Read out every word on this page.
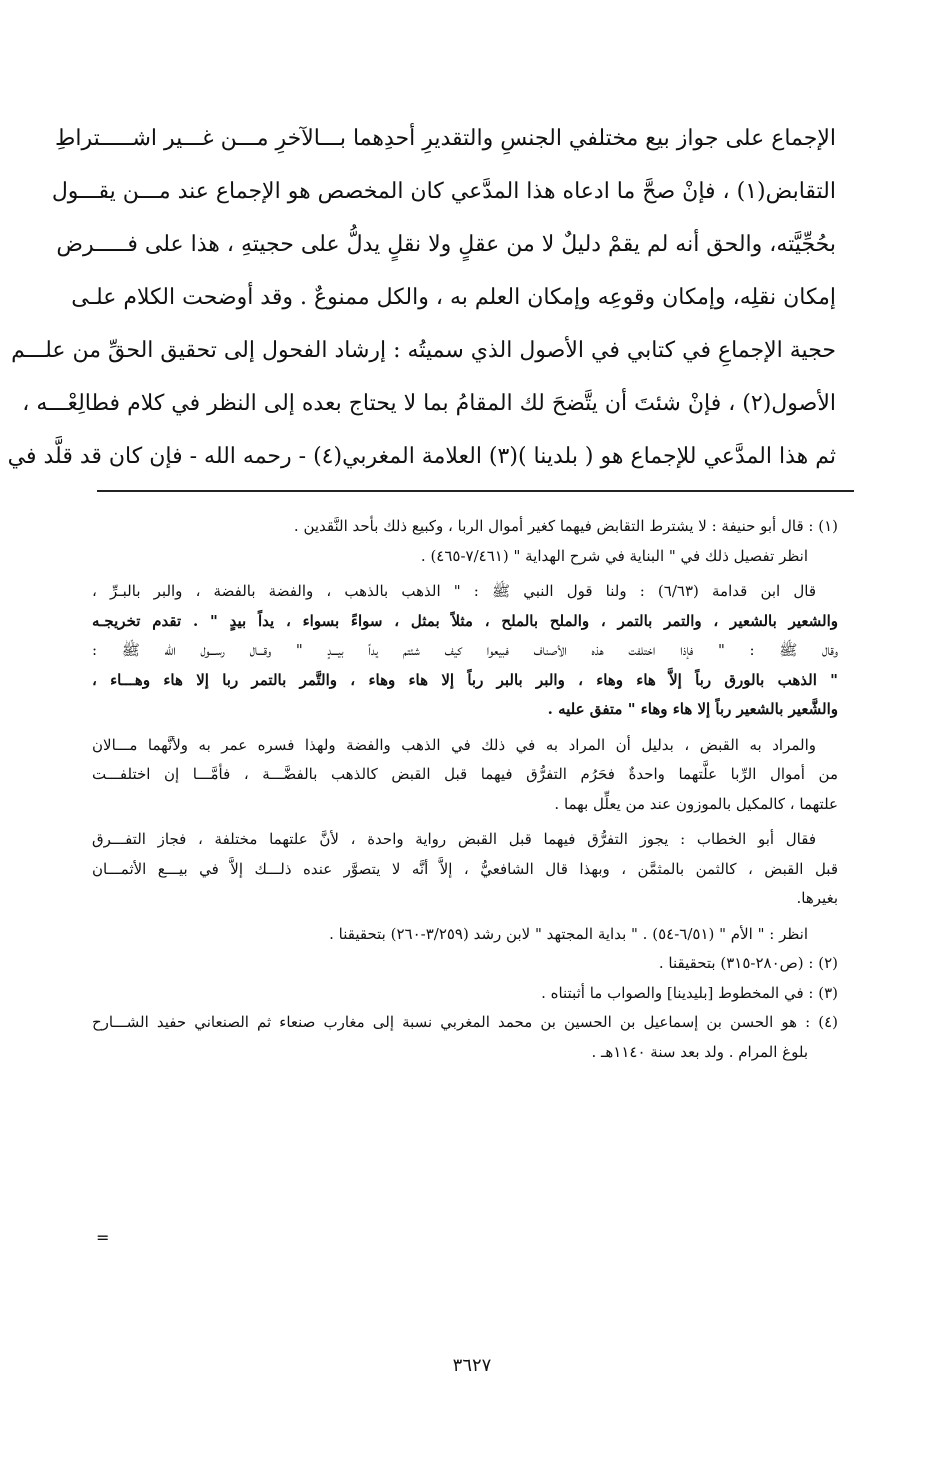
الإجماع على جواز بيع مختلفي الجنسِ والتقديرِ أحدِهما بـــالآخرِ مـــن غـــير اشـــــتراطِ
التقابض(١) ، فإنْ صحَّ ما ادعاه هذا المدَّعي كان المخصص هو الإجماع عند مـــن يقـــول
بحُجِّيَّته، والحق أنه لم يقمْ دليلٌ لا من عقلٍ ولا نقلٍ يدلُّ على حجيتهِ ، هذا على فـــــرض
إمكان نقلِه، وإمكان وقوعِه وإمكان العلم به ، والكل ممنوعٌ . وقد أوضحت الكلام علـى
حجية الإجماعِ في كتابي في الأصول الذي سميتُه : إرشاد الفحول إلى تحقيق الحقِّ من علـــم
الأصول(٢) ، فإنْ شئتَ أن يتَّضحَ لك المقامُ بما لا يحتاج بعده إلى النظر في كلام فطالِعْـــه ،
ثم هذا المدَّعي للإجماع هو ( بلدينا )(٣) العلامة المغربي(٤) - رحمه الله - فإن كان قد قلَّد في
(١) : قال أبو حنيفة : لا يشترط التقابض فيهما كغير أموال الربا ، وكبيع ذلك بأحد النَّقدين .
انظر تفصيل ذلك في " البناية في شرح الهداية " (٧/٤٦١-٤٦٥) .
قال ابن قدامة (٦/٦٣) : ولنا قول النبي ﷺ : " الذهب بالذهب ، والفضة بالفضة ، والبر بالبـرِّ ،
والشعير بالشعير ، والتمر بالتمر ، والملح بالملح ، مثلاً بمثل ، سواءً بسواء ، يداً بيدٍ " . تقدم تخريجـه
وقال ﷺ : " فإذا اختلفت هذه الأصناف فبيعوا كيف شئتم يداً بيـــدٍ " وقـــال رســـول الله ﷺ :
" الذهب بالورق رباً إلاَّ هاء وهاء ، والبر بالبر رباً إلا هاء وهاء ، والتَّمر بالتمر ربا إلا هاء وهـــاء ،
والشَّعير بالشعير رباً إلا هاء وهاء " متفق عليه .
والمراد به القبض ، بدليل أن المراد به في ذلك في الذهب والفضة ولهذا فسره عمر به ولأنَّهما مـــالان
من أموال الرِّبا علَّتهما واحدةٌ فحَرُم التفرُّق فيهما قبل القبض كالذهب بالفضَّـــة ، فأمَّـــا إن اختلفـــت
علتهما ، كالمكيل بالموزون عند من يعلِّل بهما .
فقال أبو الخطاب : يجوز التفرُّق فيهما قبل القبض رواية واحدة ، لأنَّ علتهما مختلفة ، فجاز التفـــرق
قبل القبض ، كالثمن بالمثمَّن ، وبهذا قال الشافعيُّ ، إلاَّ أنَّه لا يتصوَّر عنده ذلـــك إلاَّ في بيـــع الأثمـــان
بغيرها.
انظر : " الأم " (٦/٥١-٥٤) . " بداية المجتهد " لابن رشد (٣/٢٥٩-٢٦٠) بتحقيقنا .
(٢) : (ص٢٨٠-٣١٥) بتحقيقنا .
(٣) : في المخطوط [بليدينا] والصواب ما أثبتناه .
(٤) : هو الحسن بن إسماعيل بن الحسين بن محمد المغربي نسبة إلى مغارب صنعاء ثم الصنعاني حفيد الشـــارح
بلوغ المرام . ولد بعد سنة ١١٤٠هـ .
=
٣٦٢٧
